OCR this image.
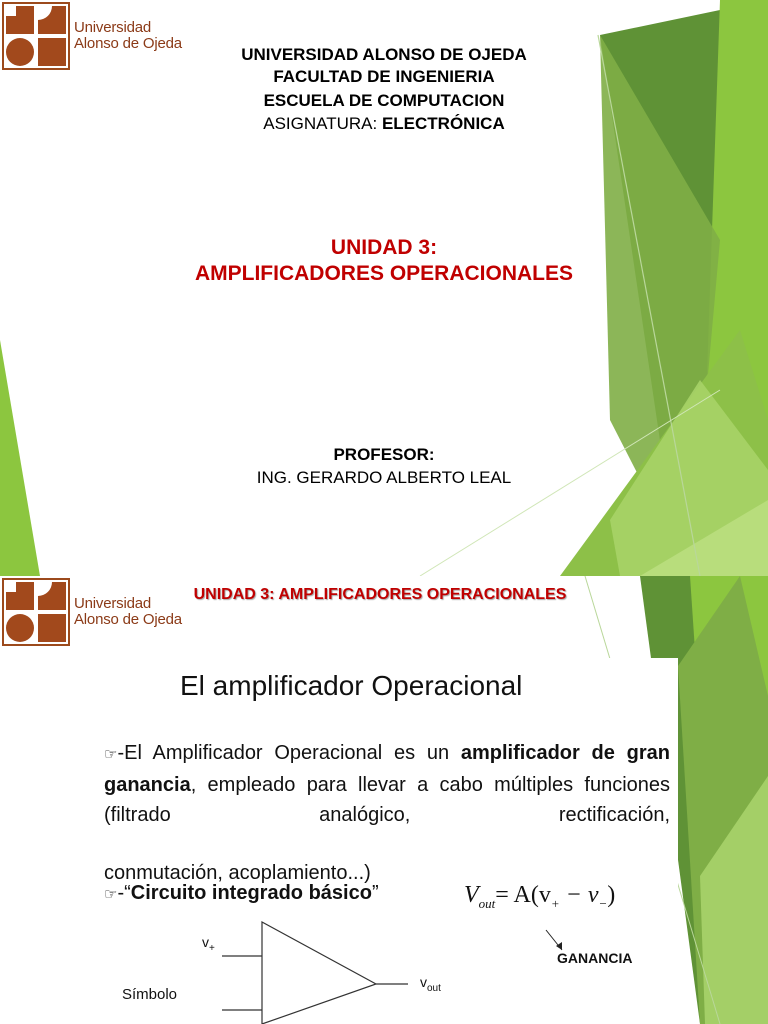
Universidad
Alonso de Ojeda
UNIVERSIDAD ALONSO DE OJEDA
FACULTAD DE INGENIERIA
ESCUELA DE COMPUTACION
ASIGNATURA: ELECTRÓNICA
UNIDAD 3:
AMPLIFICADORES OPERACIONALES
PROFESOR:
ING. GERARDO ALBERTO LEAL
Universidad
Alonso de Ojeda
UNIDAD 3: AMPLIFICADORES OPERACIONALES
El amplificador Operacional
☞-El Amplificador Operacional es un amplificador de gran ganancia, empleado para llevar a cabo múltiples funciones (filtrado analógico, rectificación,
conmutación, acoplamiento...)
☞-“Circuito integrado básico”	$V_{out}= A(v_+ - v_-)$
$v_+$
$v_{out}$
Símbolo
GANANCIA
